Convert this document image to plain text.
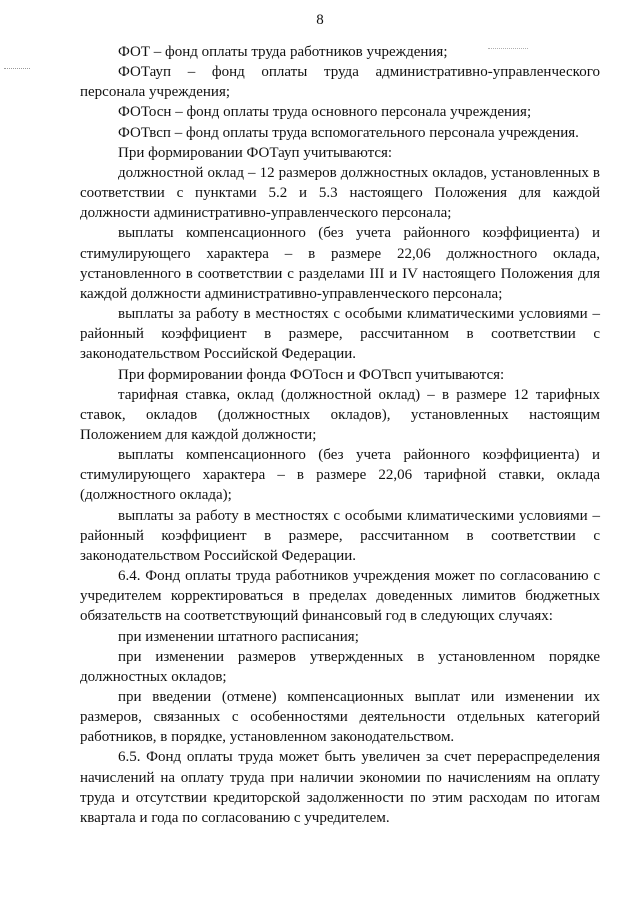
8

ФОТ – фонд оплаты труда работников учреждения;

ФОТауп – фонд оплаты труда административно-управленческого персонала учреждения;

ФОТосн – фонд оплаты труда основного персонала учреждения;

ФОТвсп – фонд оплаты труда вспомогательного персонала учреждения.

При формировании ФОТауп учитываются:

должностной оклад – 12 размеров должностных окладов, установленных в соответствии с пунктами 5.2 и 5.3 настоящего Положения для каждой должности административно-управленческого персонала;

выплаты компенсационного (без учета районного коэффициента) и стимулирующего характера – в размере 22,06 должностного оклада, установленного в соответствии с разделами III и IV настоящего Положения для каждой должности административно-управленческого персонала;

выплаты за работу в местностях с особыми климатическими условиями – районный коэффициент в размере, рассчитанном в соответствии с законодательством Российской Федерации.

При формировании фонда ФОТосн и ФОТвсп учитываются:

тарифная ставка, оклад (должностной оклад) – в размере 12 тарифных ставок, окладов (должностных окладов), установленных настоящим Положением для каждой должности;

выплаты компенсационного (без учета районного коэффициента) и стимулирующего характера – в размере 22,06 тарифной ставки, оклада (должностного оклада);

выплаты за работу в местностях с особыми климатическими условиями – районный коэффициент в размере, рассчитанном в соответствии с законодательством Российской Федерации.

6.4. Фонд оплаты труда работников учреждения может по согласованию с учредителем корректироваться в пределах доведенных лимитов бюджетных обязательств на соответствующий финансовый год в следующих случаях:

при изменении штатного расписания;

при изменении размеров утвержденных в установленном порядке должностных окладов;

при введении (отмене) компенсационных выплат или изменении их размеров, связанных с особенностями деятельности отдельных категорий работников, в порядке, установленном законодательством.

6.5. Фонд оплаты труда может быть увеличен за счет перераспределения начислений на оплату труда при наличии экономии по начислениям на оплату труда и отсутствии кредиторской задолженности по этим расходам по итогам квартала и года по согласованию с учредителем.
